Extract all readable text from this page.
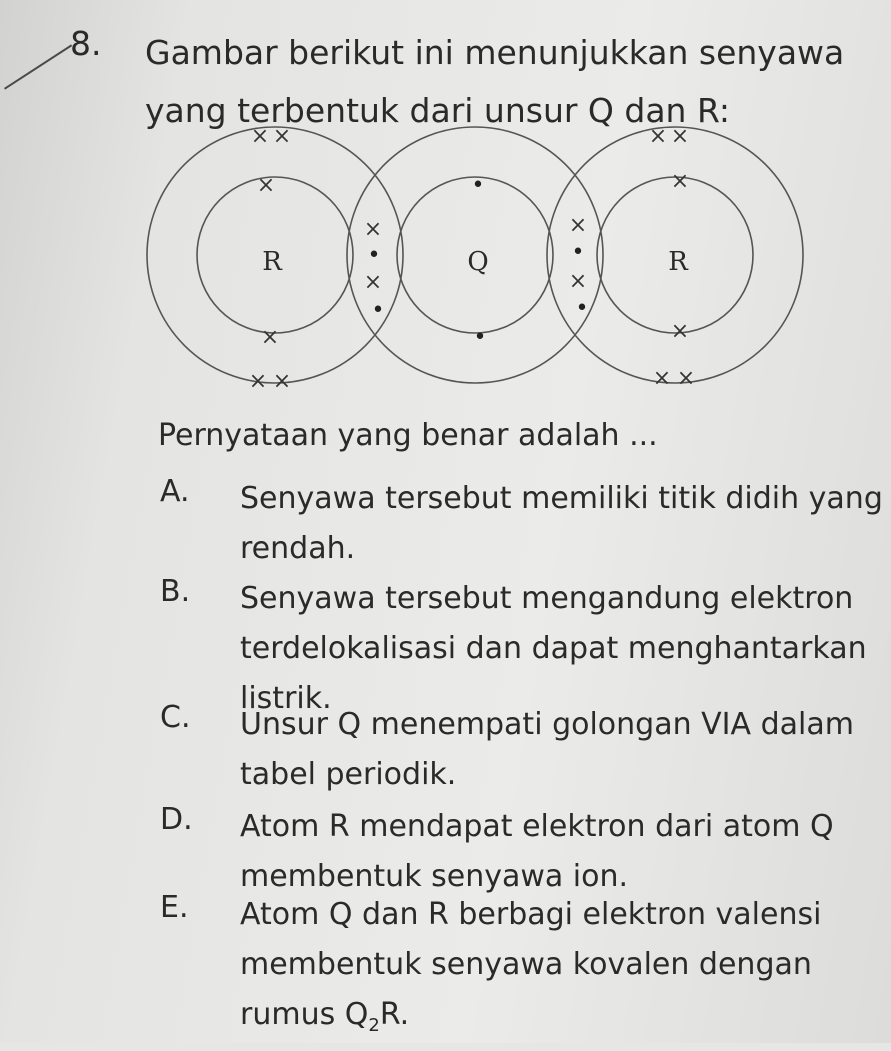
8. Gambar berikut ini menunjukkan senyawa yang terbentuk dari unsur Q dan R:
R	Q	R
× ×
× ×
×
×
×
×
×
×
×
×
× ×
× ×
•
•
•
•
•
•
Pernyataan yang benar adalah ...
A. Senyawa tersebut memiliki titik didih yang rendah.
B. Senyawa tersebut mengandung elektron terdelokalisasi dan dapat menghantarkan listrik.
C. Unsur Q menempati golongan VIA dalam tabel periodik.
D. Atom R mendapat elektron dari atom Q membentuk senyawa ion.
E. Atom Q dan R berbagi elektron valensi membentuk senyawa kovalen dengan rumus $Q_2R$.
